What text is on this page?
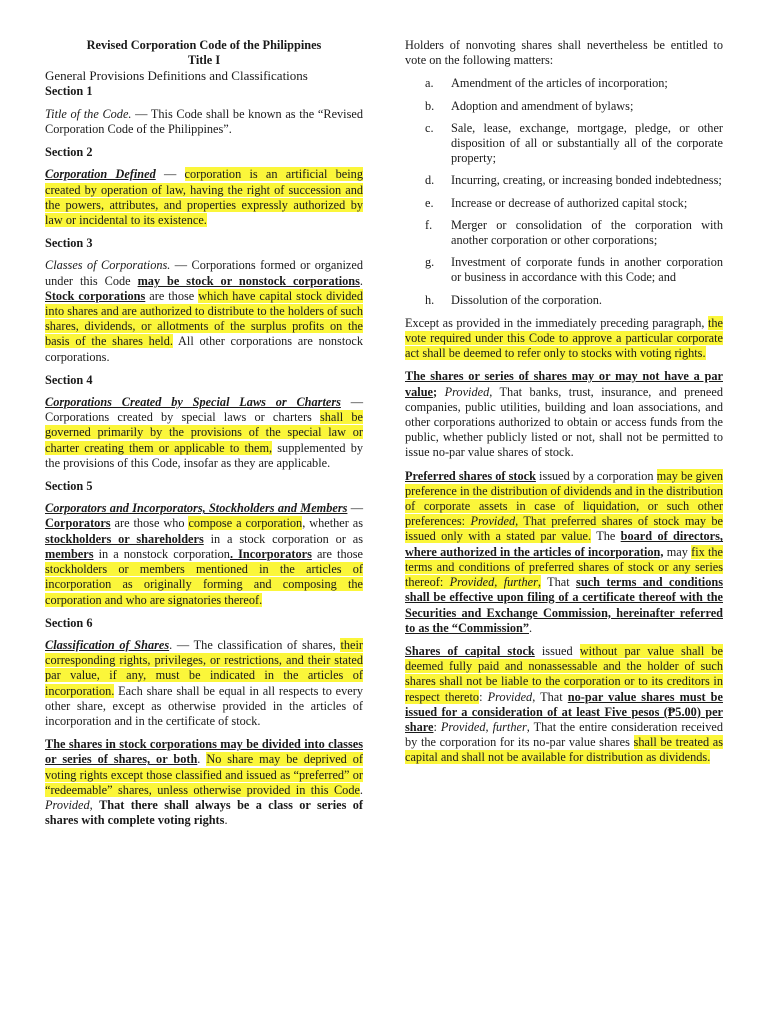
Revised Corporation Code of the Philippines

Title I

General Provisions Definitions and Classifications

Section 1

Title of the Code. — This Code shall be known as the “Revised Corporation Code of the Philippines”.

Section 2

Corporation Defined — corporation is an artificial being created by operation of law, having the right of succession and the powers, attributes, and properties expressly authorized by law or incidental to its existence.

Section 3

Classes of Corporations. — Corporations formed or organized under this Code may be stock or nonstock corporations. Stock corporations are those which have capital stock divided into shares and are authorized to distribute to the holders of such shares, dividends, or allotments of the surplus profits on the basis of the shares held. All other corporations are nonstock corporations.

Section 4

Corporations Created by Special Laws or Charters — Corporations created by special laws or charters shall be governed primarily by the provisions of the special law or charter creating them or applicable to them, supplemented by the provisions of this Code, insofar as they are applicable.

Section 5

Corporators and Incorporators, Stockholders and Members — Corporators are those who compose a corporation, whether as stockholders or shareholders in a stock corporation or as members in a nonstock corporation. Incorporators are those stockholders or members mentioned in the articles of incorporation as originally forming and composing the corporation and who are signatories thereof.

Section 6

Classification of Shares. — The classification of shares, their corresponding rights, privileges, or restrictions, and their stated par value, if any, must be indicated in the articles of incorporation. Each share shall be equal in all respects to every other share, except as otherwise provided in the articles of incorporation and in the certificate of stock.

The shares in stock corporations may be divided into classes or series of shares, or both. No share may be deprived of voting rights except those classified and issued as “preferred” or “redeemable” shares, unless otherwise provided in this Code. Provided, That there shall always be a class or series of shares with complete voting rights.

Holders of nonvoting shares shall nevertheless be entitled to vote on the following matters:

a.	Amendment of the articles of incorporation;
b.	Adoption and amendment of bylaws;
c.	Sale, lease, exchange, mortgage, pledge, or other disposition of all or substantially all of the corporate property;
d.	Incurring, creating, or increasing bonded indebtedness;
e.	Increase or decrease of authorized capital stock;
f.	Merger or consolidation of the corporation with another corporation or other corporations;
g.	Investment of corporate funds in another corporation or business in accordance with this Code; and
h.	Dissolution of the corporation.

Except as provided in the immediately preceding paragraph, the vote required under this Code to approve a particular corporate act shall be deemed to refer only to stocks with voting rights.

The shares or series of shares may or may not have a par value; Provided, That banks, trust, insurance, and preneed companies, public utilities, building and loan associations, and other corporations authorized to obtain or access funds from the public, whether publicly listed or not, shall not be permitted to issue no-par value shares of stock.

Preferred shares of stock issued by a corporation may be given preference in the distribution of dividends and in the distribution of corporate assets in case of liquidation, or such other preferences: Provided, That preferred shares of stock may be issued only with a stated par value. The board of directors, where authorized in the articles of incorporation, may fix the terms and conditions of preferred shares of stock or any series thereof: Provided, further, That such terms and conditions shall be effective upon filing of a certificate thereof with the Securities and Exchange Commission, hereinafter referred to as the “Commission”.

Shares of capital stock issued without par value shall be deemed fully paid and nonassessable and the holder of such shares shall not be liable to the corporation or to its creditors in respect thereto: Provided, That no-par value shares must be issued for a consideration of at least Five pesos (₱5.00) per share: Provided, further, That the entire consideration received by the corporation for its no-par value shares shall be treated as capital and shall not be available for distribution as dividends.
